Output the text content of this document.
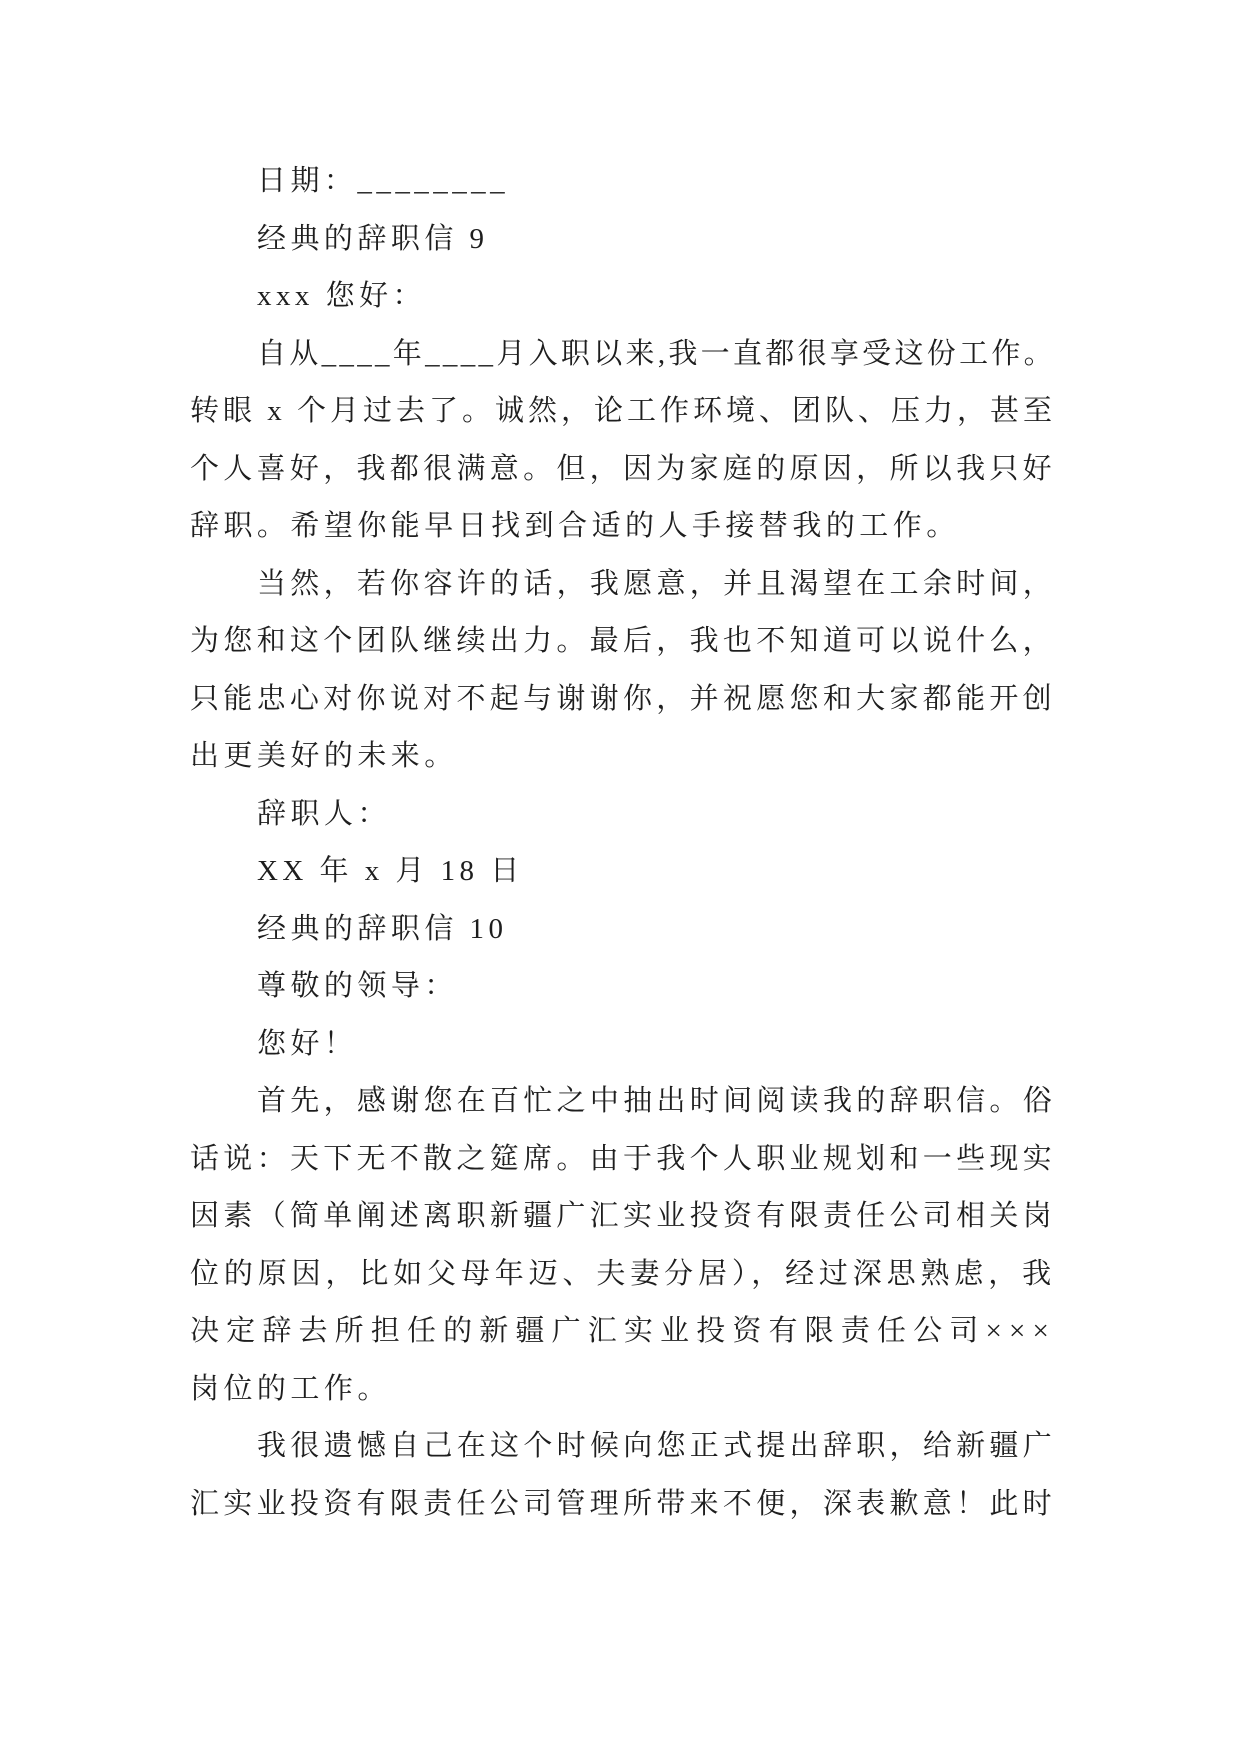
日期：________
经典的辞职信 9
xxx 您好：
自从____年____月入职以来,我一直都很享受这份工作。
转眼 x 个月过去了。诚然，论工作环境、团队、压力，甚至
个人喜好，我都很满意。但，因为家庭的原因，所以我只好
辞职。希望你能早日找到合适的人手接替我的工作。
当然，若你容许的话，我愿意，并且渴望在工余时间，
为您和这个团队继续出力。最后，我也不知道可以说什么，
只能忠心对你说对不起与谢谢你，并祝愿您和大家都能开创
出更美好的未来。
辞职人：
XX 年 x 月 18 日
经典的辞职信 10
尊敬的领导：
您好！
首先，感谢您在百忙之中抽出时间阅读我的辞职信。俗
话说：天下无不散之筵席。由于我个人职业规划和一些现实
因素（简单阐述离职新疆广汇实业投资有限责任公司相关岗
位的原因，比如父母年迈、夫妻分居），经过深思熟虑，我
决定辞去所担任的新疆广汇实业投资有限责任公司×××
岗位的工作。
我很遗憾自己在这个时候向您正式提出辞职，给新疆广
汇实业投资有限责任公司管理所带来不便，深表歉意！此时
